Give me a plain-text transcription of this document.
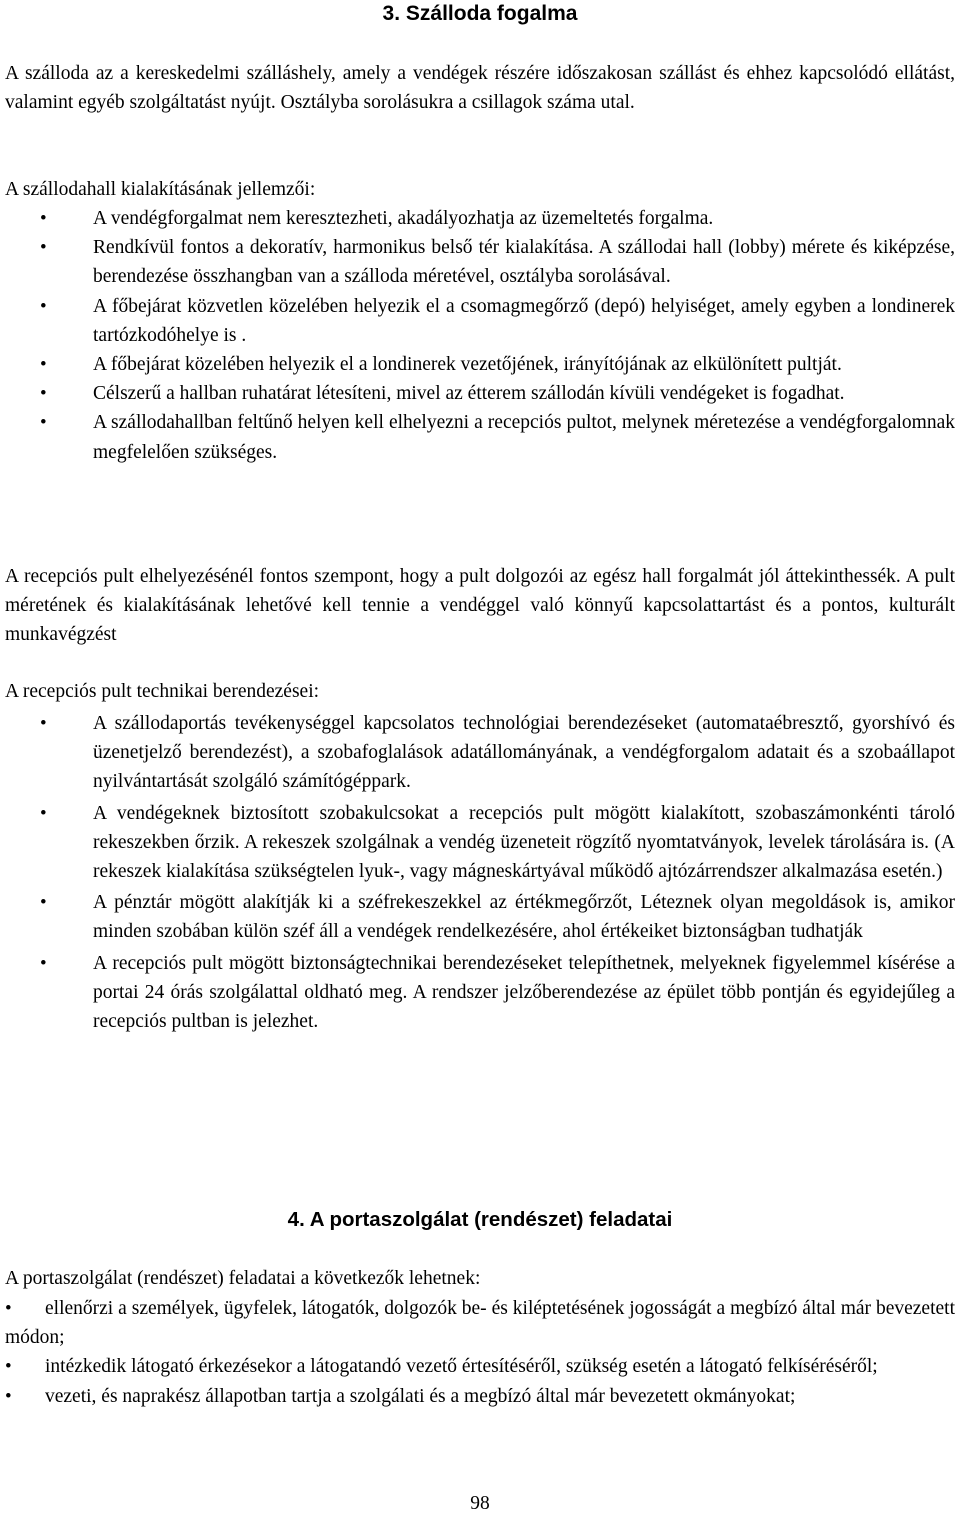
3. Szálloda fogalma

A szálloda az a kereskedelmi szálláshely, amely a vendégek részére időszakosan szállást és ehhez kapcsolódó ellátást, valamint egyéb szolgáltatást nyújt. Osztályba sorolásukra a csillagok száma utal.

A szállodahall kialakításának jellemzői:

• A vendégforgalmat nem keresztezheti, akadályozhatja az üzemeltetés forgalma.
• Rendkívül fontos a dekoratív, harmonikus belső tér kialakítása. A szállodai hall (lobby) mérete és kiképzése, berendezése összhangban van a szálloda méretével, osztályba sorolásával.
• A főbejárat közvetlen közelében helyezik el a csomagmegőrző (depó) helyiséget, amely egyben a londinerek tartózkodóhelye is .
• A főbejárat közelében helyezik el a londinerek vezetőjének, irányítójának az elkülönített pultját.
• Célszerű a hallban ruhatárat létesíteni, mivel az étterem szállodán kívüli vendégeket is fogadhat.
• A szállodahallban feltűnő helyen kell elhelyezni a recepciós pultot, melynek méretezése a vendégforgalomnak megfelelően szükséges.

A recepciós pult elhelyezésénél fontos szempont, hogy a pult dolgozói az egész hall forgalmát jól áttekinthessék. A pult méretének és kialakításának lehetővé kell tennie a vendéggel való könnyű kapcsolattartást és a pontos, kulturált munkavégzést

A recepciós pult technikai berendezései:

• A szállodaportás tevékenységgel kapcsolatos technológiai berendezéseket (automataébresztő, gyorshívó és üzenetjelző berendezést), a szobafoglalások adatállományának, a vendégforgalom adatait és a szobaállapot nyilvántartását szolgáló számítógéppark.
• A vendégeknek biztosított szobakulcsokat a recepciós pult mögött kialakított, szobaszámonkénti tároló rekeszekben őrzik. A rekeszek szolgálnak a vendég üzeneteit rögzítő nyomtatványok, levelek tárolására is. (A rekeszek kialakítása szükségtelen lyuk-, vagy mágneskártyával működő ajtózárrendszer alkalmazása esetén.)
• A pénztár mögött alakítják ki a széfrekeszekkel az értékmegőrzőt, Léteznek olyan megoldások is, amikor minden szobában külön széf áll a vendégek rendelkezésére, ahol értékeiket biztonságban tudhatják
• A recepciós pult mögött biztonságtechnikai berendezéseket telepíthetnek, melyeknek figyelemmel kísérése a portai 24 órás szolgálattal oldható meg. A rendszer jelzőberendezése az épület több pontján és egyidejűleg a recepciós pultban is jelezhet.
4. A portaszolgálat (rendészet) feladatai

A portaszolgálat (rendészet) feladatai a következők lehetnek:

• ellenőrzi a személyek, ügyfelek, látogatók, dolgozók be- és kiléptetésének jogosságát a megbízó által már bevezetett módon;
• intézkedik látogató érkezésekor a látogatandó vezető értesítéséről, szükség esetén a látogató felkíséréséről;
• vezeti, és naprakész állapotban tartja a szolgálati és a megbízó által már bevezetett okmányokat;
98
